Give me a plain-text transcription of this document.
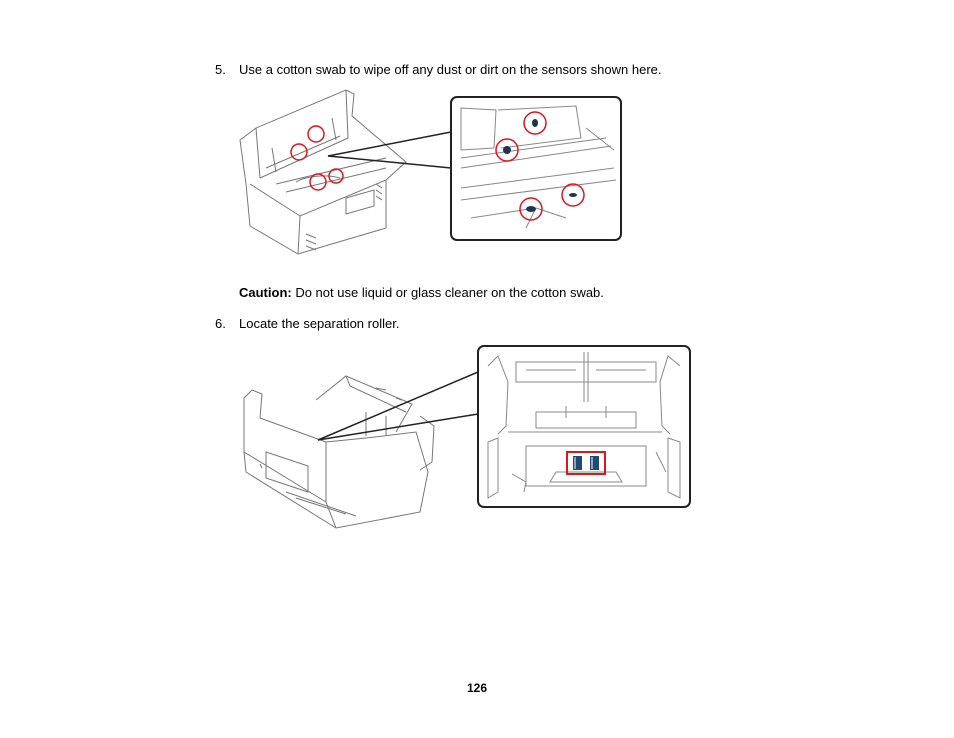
5. Use a cotton swab to wipe off any dust or dirt on the sensors shown here.
Caution: Do not use liquid or glass cleaner on the cotton swab.
6. Locate the separation roller.
126
